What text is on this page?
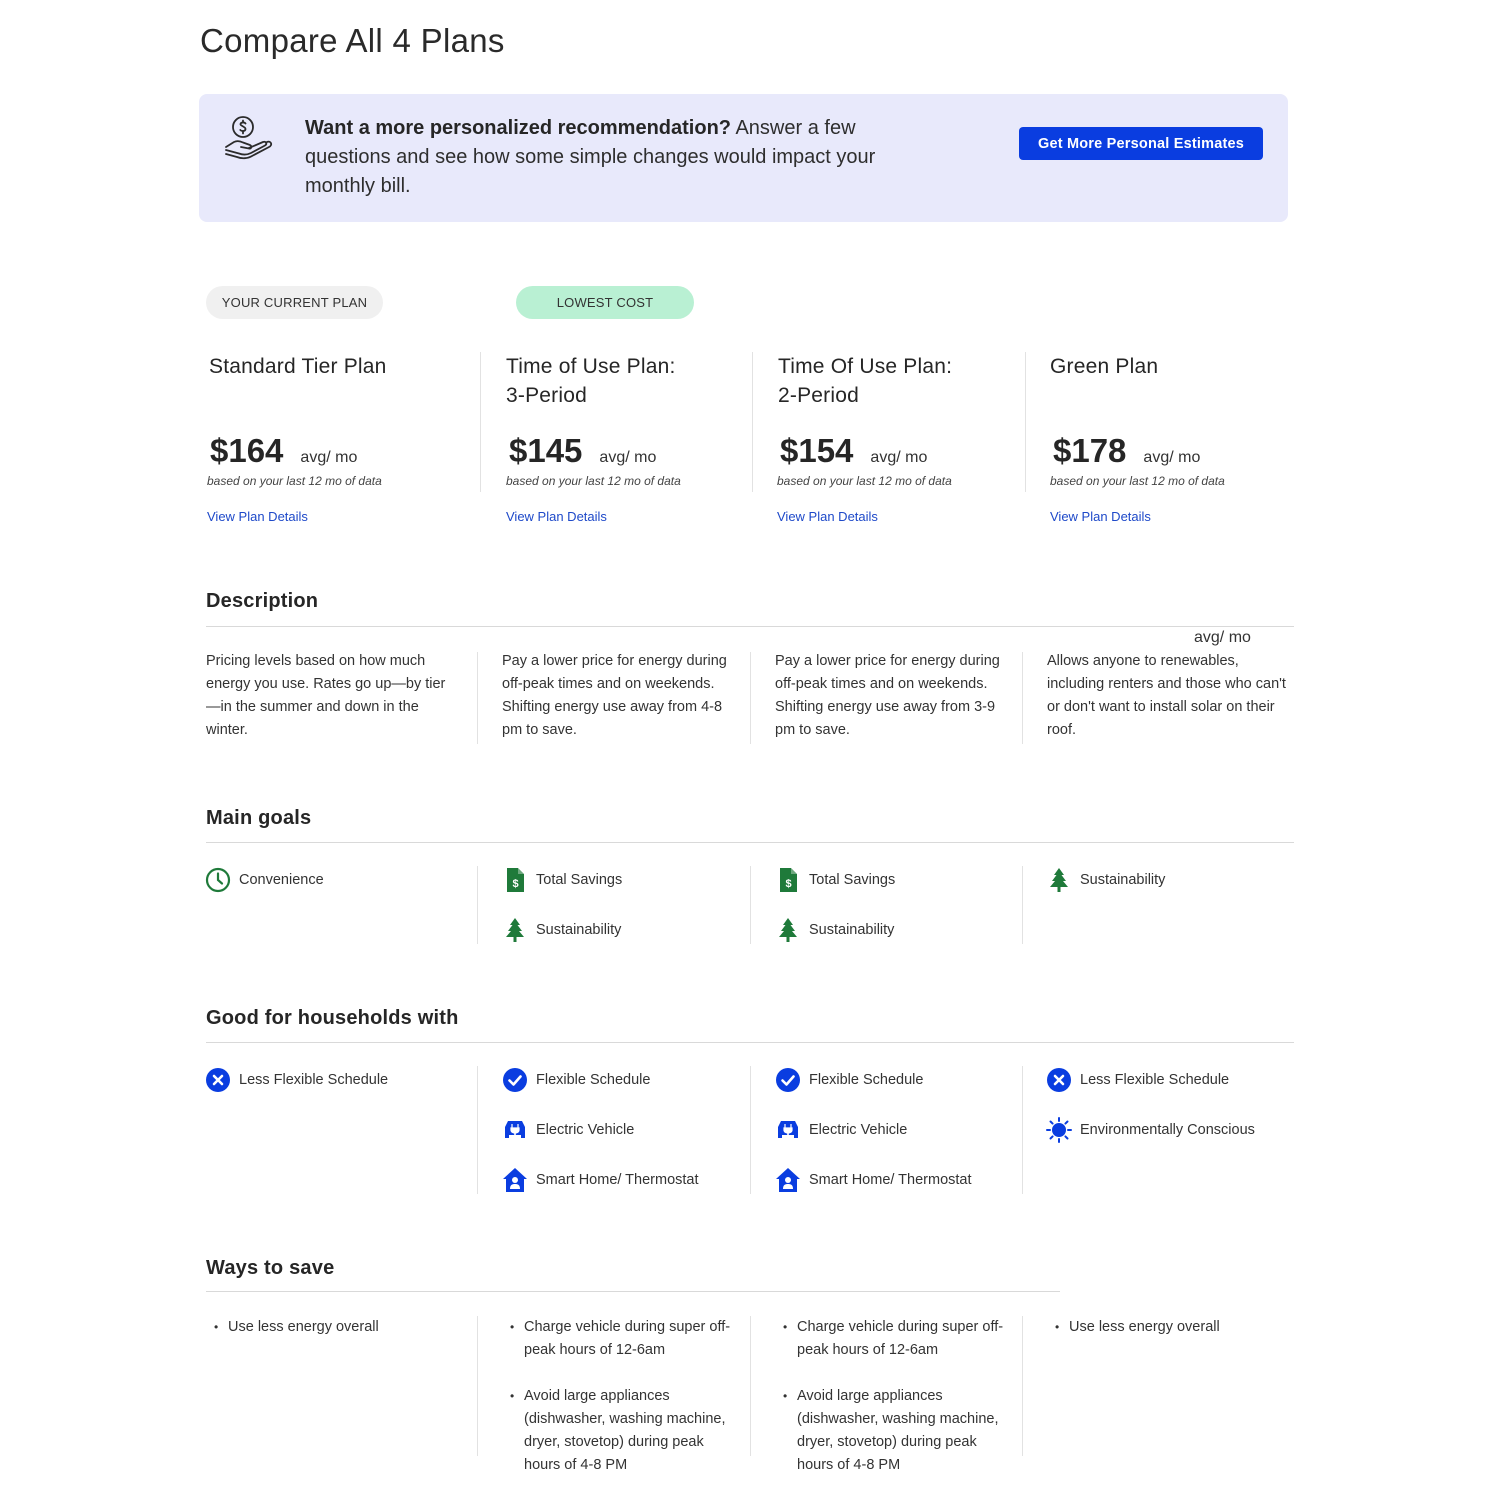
Compare All 4 Plans
Want a more personalized recommendation? Answer a few questions and see how some simple changes would impact your monthly bill.
Get More Personal Estimates
YOUR CURRENT PLAN	LOWEST COST
Standard Tier Plan
$164 avg/ mo
based on your last 12 mo of data
View Plan Details
Time of Use Plan:
3-Period
$145 avg/ mo
based on your last 12 mo of data
View Plan Details
Time Of Use Plan:
2-Period
$154 avg/ mo
based on your last 12 mo of data
View Plan Details
Green Plan
$178 avg/ mo
based on your last 12 mo of data
View Plan Details
Description
avg/ mo

Pricing levels based on how much energy you use. Rates go up—by tier—in the summer and down in the winter.

Pay a lower price for energy during off-peak times and on weekends. Shifting energy use away from 4-8 pm to save.

Pay a lower price for energy during off-peak times and on weekends. Shifting energy use away from 3-9 pm to save.

Allows anyone to renewables, including renters and those who can't or don't want to install solar on their roof.

Main goals
Convenience	$ Total Savings
Sustainability
$ Total Savings
Sustainability
Sustainability
Good for households with
Less Flexible Schedule	Flexible Schedule
Electric Vehicle
Smart Home/ Thermostat
Flexible Schedule
Electric Vehicle
Smart Home/ Thermostat
Less Flexible Schedule
Environmentally Conscious
Ways to save
• Use less energy overall
•	Charge vehicle during super off-peak hours of 12-6am
• Avoid large appliances (dishwasher, washing machine, dryer, stovetop) during peak hours of 4-8 PM
• Charge vehicle during super off-peak hours of 12-6am
• Avoid large appliances (dishwasher, washing machine, dryer, stovetop) during peak hours of 4-8 PM
• Use less energy overall
